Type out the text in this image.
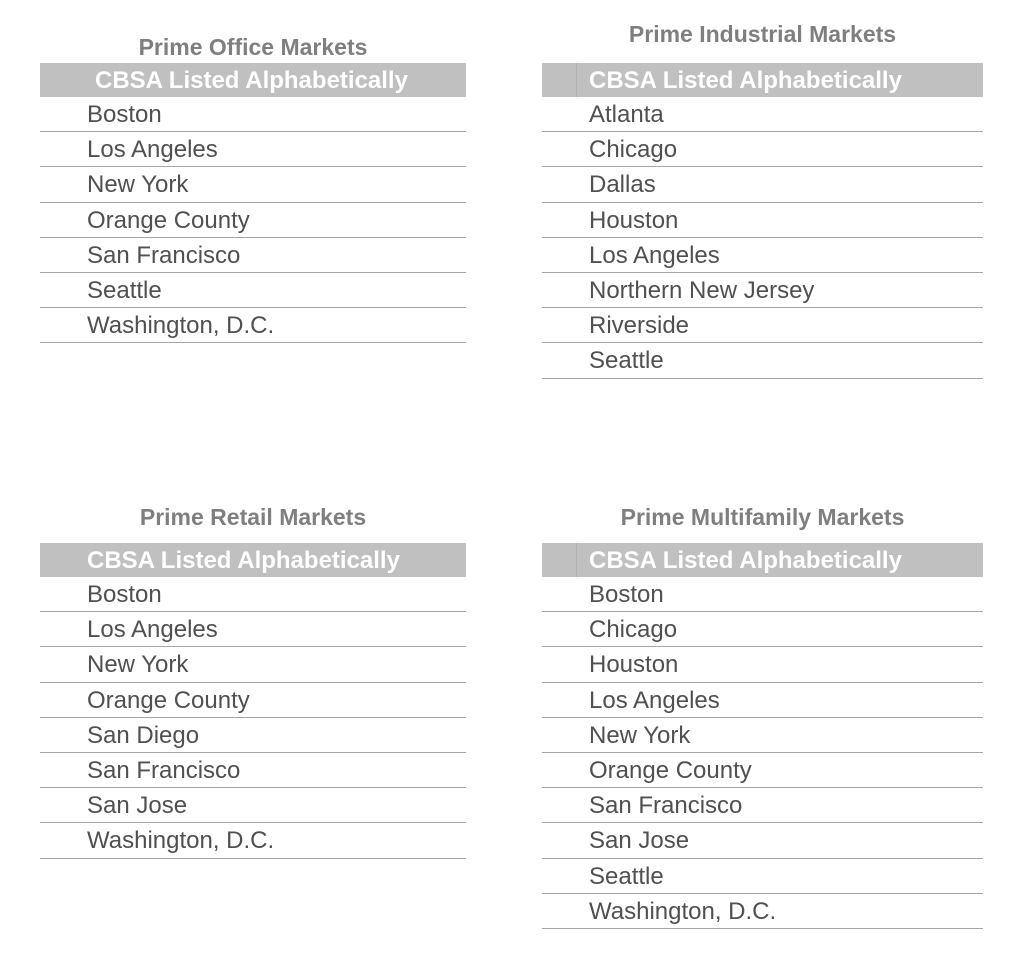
Prime Office Markets
CBSA Listed Alphabetically
Boston
Los Angeles
New York
Orange County
San Francisco
Seattle
Washington, D.C.
Prime Industrial Markets
CBSA Listed Alphabetically
Atlanta
Chicago
Dallas
Houston
Los Angeles
Northern New Jersey
Riverside
Seattle
Prime Retail Markets
CBSA Listed Alphabetically
Boston
Los Angeles
New York
Orange County
San Diego
San Francisco
San Jose
Washington, D.C.
Prime Multifamily Markets
CBSA Listed Alphabetically
Boston
Chicago
Houston
Los Angeles
New York
Orange County
San Francisco
San Jose
Seattle
Washington, D.C.
